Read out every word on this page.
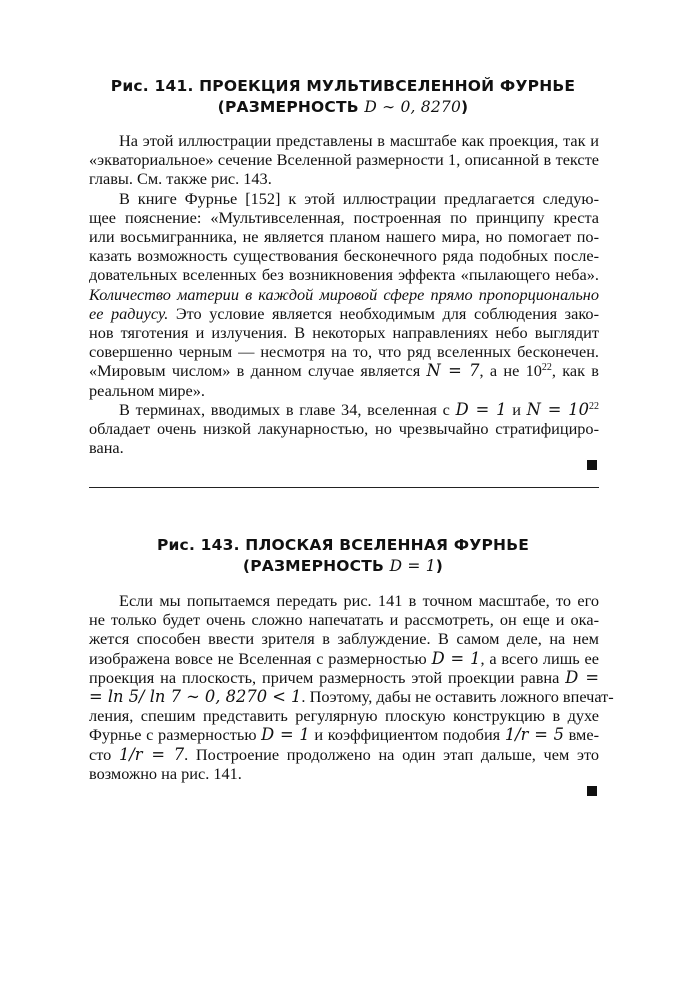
Рис. 141. ПРОЕКЦИЯ МУЛЬТИВСЕЛЕННОЙ ФУРНЬЕ
(РАЗМЕРНОСТЬ D ∼ 0, 8270)
На этой иллюстрации представлены в масштабе как проекция, так и
«экваториальное» сечение Вселенной размерности 1, описанной в тексте
главы. См. также рис. 143.
В книге Фурнье [152] к этой иллюстрации предлагается следую-
щее пояснение: «Мультивселенная, построенная по принципу креста
или восьмигранника, не является планом нашего мира, но помогает по-
казать возможность существования бесконечного ряда подобных после-
довательных вселенных без возникновения эффекта «пылающего неба».
Количество материи в каждой мировой сфере прямо пропорционально
ее радиусу. Это условие является необходимым для соблюдения зако-
нов тяготения и излучения. В некоторых направлениях небо выглядит
совершенно черным — несмотря на то, что ряд вселенных бесконечен.
«Мировым числом» в данном случае является N = 7, а не $10^{22}$, как в
реальном мире».
В терминах, вводимых в главе 34, вселенная с D = 1 и $N = 10^{22}$
обладает очень низкой лакунарностью, но чрезвычайно стратифициро-
вана.
Рис. 143. ПЛОСКАЯ ВСЕЛЕННАЯ ФУРНЬЕ
(РАЗМЕРНОСТЬ D = 1)
Если мы попытаемся передать рис. 141 в точном масштабе, то его
не только будет очень сложно напечатать и рассмотреть, он еще и ока-
жется способен ввести зрителя в заблуждение. В самом деле, на нем
изображена вовсе не Вселенная с размерностью D = 1, а всего лишь ее
проекция на плоскость, причем размерность этой проекции равна D =
= ln 5/ ln 7 ∼ 0, 8270 < 1. Поэтому, дабы не оставить ложного впечат-
ления, спешим представить регулярную плоскую конструкцию в духе
Фурнье с размерностью D = 1 и коэффициентом подобия 1/r = 5 вме-
сто 1/r = 7. Построение продолжено на один этап дальше, чем это
возможно на рис. 141.
